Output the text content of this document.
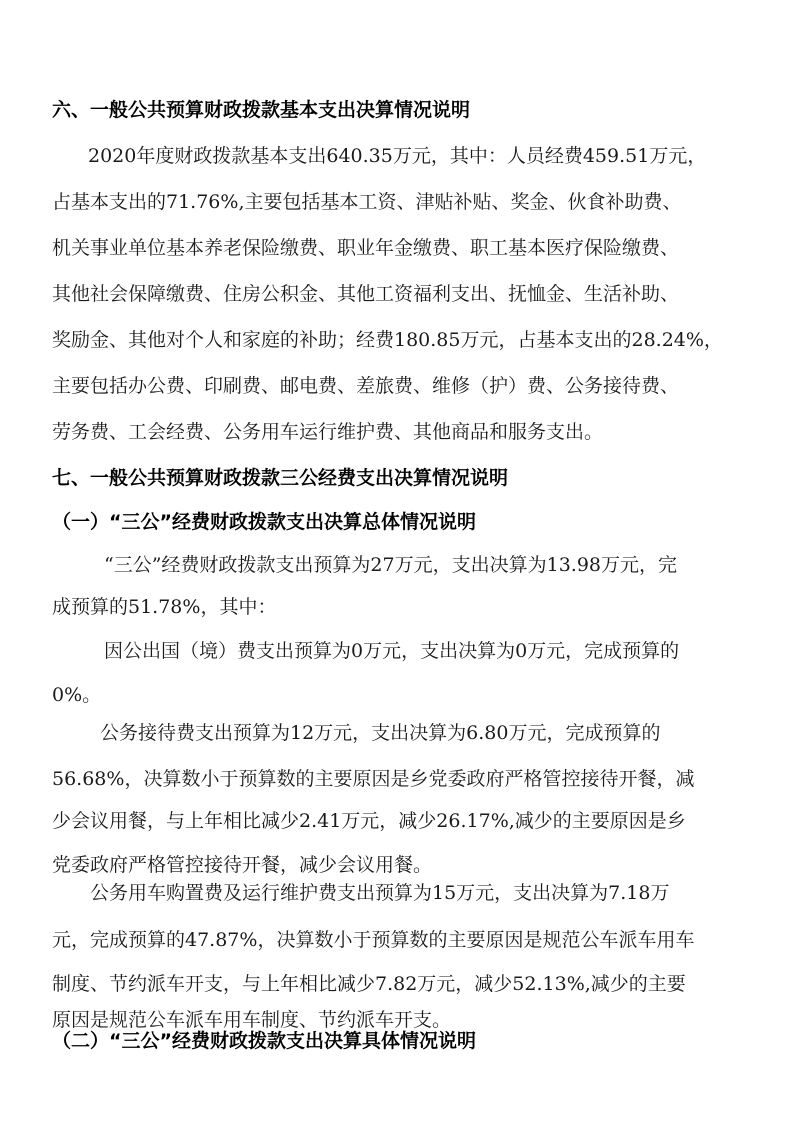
六、一般公共预算财政拨款基本支出决算情况说明
2020年度财政拨款基本支出640.35万元，其中：人员经费459.51万元，
占基本支出的71.76%,主要包括基本工资、津贴补贴、奖金、伙食补助费、
机关事业单位基本养老保险缴费、职业年金缴费、职工基本医疗保险缴费、
其他社会保障缴费、住房公积金、其他工资福利支出、抚恤金、生活补助、
奖励金、其他对个人和家庭的补助；经费180.85万元，占基本支出的28.24%，
主要包括办公费、印刷费、邮电费、差旅费、维修（护）费、公务接待费、
劳务费、工会经费、公务用车运行维护费、其他商品和服务支出。
七、一般公共预算财政拨款三公经费支出决算情况说明
（一）“三公”经费财政拨款支出决算总体情况说明
“三公”经费财政拨款支出预算为27万元，支出决算为13.98万元，完
成预算的51.78%，其中：
因公出国（境）费支出预算为0万元，支出决算为0万元，完成预算的
0%。
公务接待费支出预算为12万元，支出决算为6.80万元，完成预算的
56.68%，决算数小于预算数的主要原因是乡党委政府严格管控接待开餐，减
少会议用餐，与上年相比减少2.41万元，减少26.17%,减少的主要原因是乡
党委政府严格管控接待开餐，减少会议用餐。
公务用车购置费及运行维护费支出预算为15万元，支出决算为7.18万
元，完成预算的47.87%，决算数小于预算数的主要原因是规范公车派车用车
制度、节约派车开支，与上年相比减少7.82万元，减少52.13%,减少的主要
原因是规范公车派车用车制度、节约派车开支。
（二）“三公”经费财政拨款支出决算具体情况说明
